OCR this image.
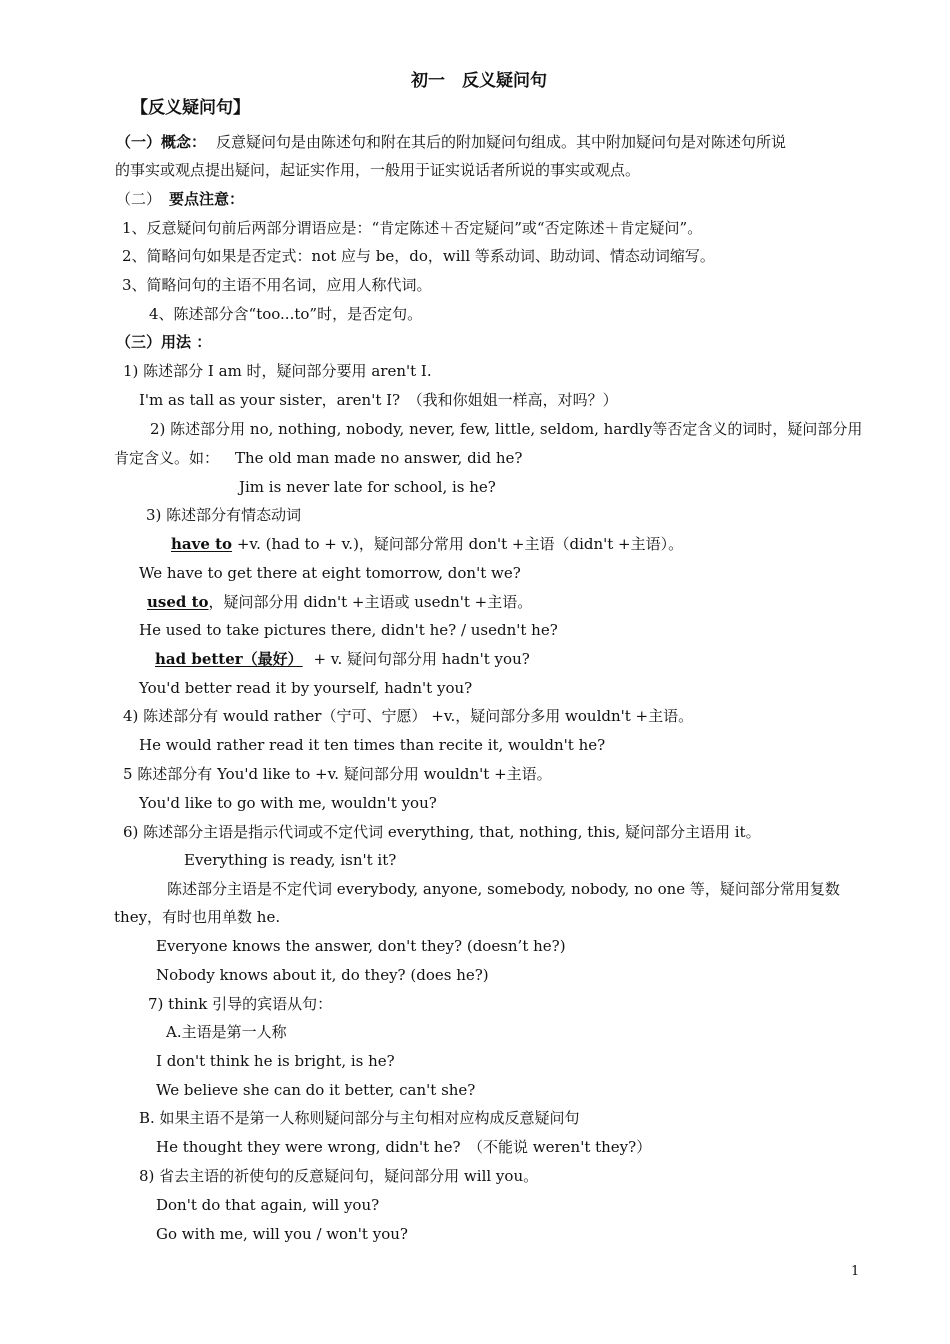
初一　反义疑问句
【反义疑问句】
（一）概念： 反意疑问句是由陈述句和附在其后的附加疑问句组成。其中附加疑问句是对陈述句所说
的事实或观点提出疑问，起证实作用，一般用于证实说话者所说的事实或观点。
（二） 要点注意：
1、反意疑问句前后两部分谓语应是：“肯定陈述＋否定疑问”或“否定陈述＋肯定疑问”。
2、简略问句如果是否定式：not 应与 be，do，will 等系动词、助动词、情态动词缩写。
3、简略问句的主语不用名词，应用人称代词。
4、陈述部分含“too...to”时，是否定句。
（三）用法 ：
1) 陈述部分 I am 时，疑问部分要用 aren't I.
I'm as tall as your sister，aren't I?　（我和你姐姐一样高，对吗？）
2) 陈述部分用 no, nothing, nobody, never, few, little, seldom, hardly等否定含义的词时，疑问部分用
肯定含义。如： The old man made no answer, did he?
Jim is never late for school, is he?
3) 陈述部分有情态动词
have to +v. (had to + v.)，疑问部分常用 don't +主语（didn't +主语）。
We have to get there at eight tomorrow, don't we?
used to，疑问部分用 didn't +主语或 usedn't +主语。
He used to take pictures there, didn't he? / usedn't he?
had better（最好） + v. 疑问句部分用 hadn't you?
You'd better read it by yourself, hadn't you?
4) 陈述部分有 would rather（宁可、宁愿） +v.，疑问部分多用 wouldn't +主语。
He would rather read it ten times than recite it, wouldn't he?
5 陈述部分有 You'd like to +v. 疑问部分用 wouldn't +主语。
You'd like to go with me, wouldn't you?
6) 陈述部分主语是指示代词或不定代词 everything, that, nothing, this, 疑问部分主语用 it。
Everything is ready, isn't it?
陈述部分主语是不定代词 everybody, anyone, somebody, nobody, no one 等，疑问部分常用复数
they，有时也用单数 he.
Everyone knows the answer, don't they? (doesn’t he?)
Nobody knows about it, do they? (does he?)
7) think 引导的宾语从句：
A.主语是第一人称
I don't think he is bright, is he?
We believe she can do it better, can't she?
B. 如果主语不是第一人称则疑问部分与主句相对应构成反意疑问句
He thought they were wrong, didn't he?　（不能说 weren't they?）
8) 省去主语的祈使句的反意疑问句，疑问部分用 will you。
Don't do that again, will you?
Go with me, will you / won't you?
1
